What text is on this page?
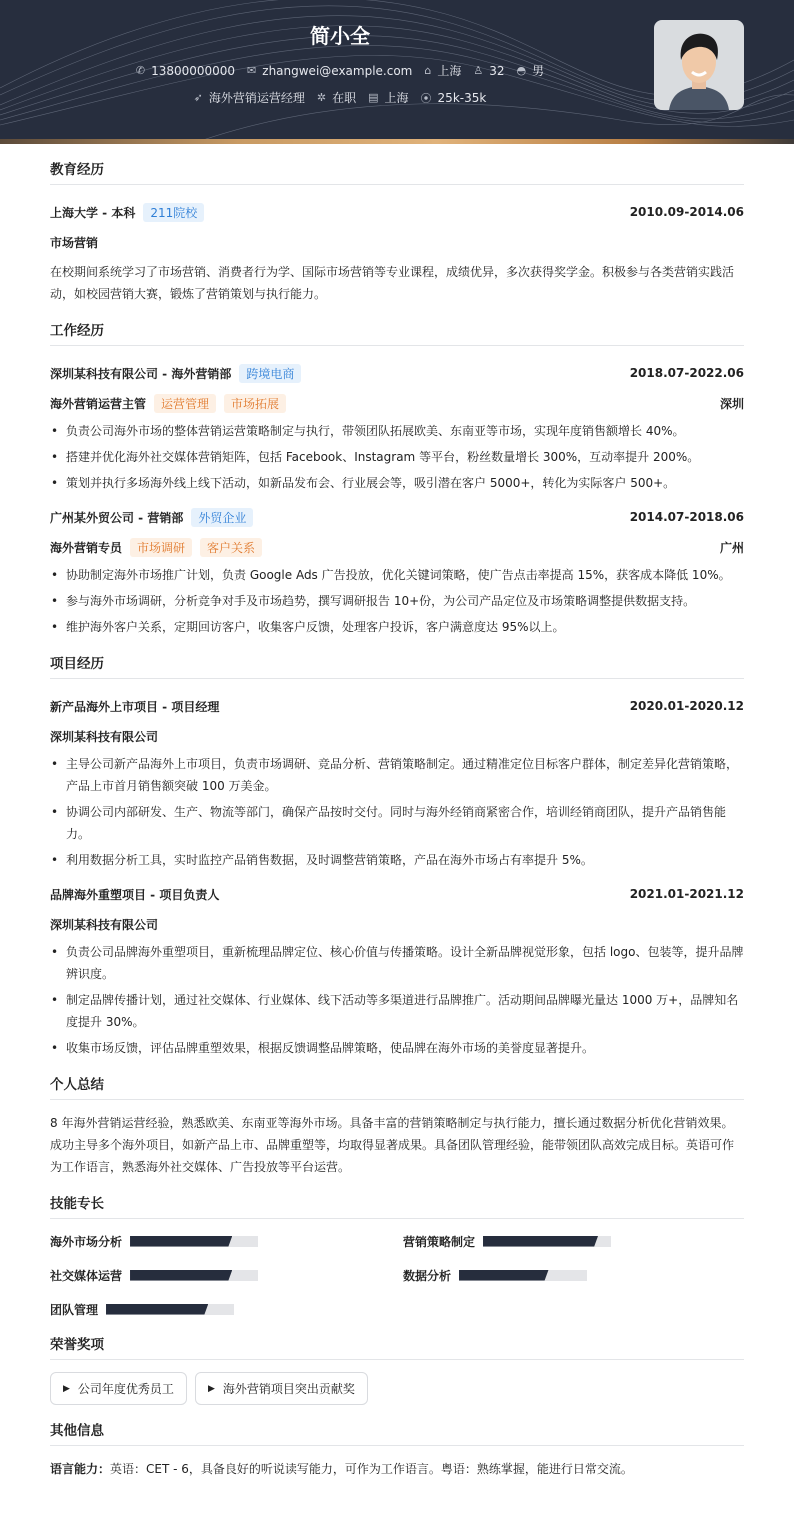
简小全
✆ 13800000000 ✉ zhangwei@example.com ⌂ 上海 ♙ 32 ◓ 男
➶ 海外营销运营经理 ✲ 在职 ▤ 上海 ⦿ 25k-35k
教育经历
上海大学 - 本科	211院校	2010.09-2014.06
市场营销

在校期间系统学习了市场营销、消费者行为学、国际市场营销等专业课程，成绩优异，多次获得奖学金。积极参与各类营销实践活动，如校园营销大赛，锻炼了营销策划与执行能力。

工作经历
深圳某科技有限公司 - 海外营销部	跨境电商	2018.07-2022.06
海外营销运营主管	运营管理	市场拓展	深圳
• 负责公司海外市场的整体营销运营策略制定与执行，带领团队拓展欧美、东南亚等市场，实现年度销售额增长 40%。
• 搭建并优化海外社交媒体营销矩阵，包括 Facebook、Instagram 等平台，粉丝数量增长 300%，互动率提升 200%。
• 策划并执行多场海外线上线下活动，如新品发布会、行业展会等，吸引潜在客户 5000+，转化为实际客户 500+。
广州某外贸公司 - 营销部	外贸企业	2014.07-2018.06
海外营销专员	市场调研	客户关系	广州
• 协助制定海外市场推广计划，负责 Google Ads 广告投放，优化关键词策略，使广告点击率提高 15%，获客成本降低 10%。
• 参与海外市场调研，分析竞争对手及市场趋势，撰写调研报告 10+份，为公司产品定位及市场策略调整提供数据支持。
• 维护海外客户关系，定期回访客户，收集客户反馈，处理客户投诉，客户满意度达 95%以上。
项目经历
新产品海外上市项目 - 项目经理	2020.01-2020.12
深圳某科技有限公司
• 主导公司新产品海外上市项目，负责市场调研、竞品分析、营销策略制定。通过精准定位目标客户群体，制定差异化营销策略，产品上市首月销售额突破 100 万美金。
• 协调公司内部研发、生产、物流等部门，确保产品按时交付。同时与海外经销商紧密合作，培训经销商团队，提升产品销售能力。
• 利用数据分析工具，实时监控产品销售数据，及时调整营销策略，产品在海外市场占有率提升 5%。
品牌海外重塑项目 - 项目负责人	2021.01-2021.12
深圳某科技有限公司
• 负责公司品牌海外重塑项目，重新梳理品牌定位、核心价值与传播策略。设计全新品牌视觉形象，包括 logo、包装等，提升品牌辨识度。
• 制定品牌传播计划，通过社交媒体、行业媒体、线下活动等多渠道进行品牌推广。活动期间品牌曝光量达 1000 万+，品牌知名度提升 30%。
• 收集市场反馈，评估品牌重塑效果，根据反馈调整品牌策略，使品牌在海外市场的美誉度显著提升。
个人总结

8 年海外营销运营经验，熟悉欧美、东南亚等海外市场。具备丰富的营销策略制定与执行能力，擅长通过数据分析优化营销效果。成功主导多个海外项目，如新产品上市、品牌重塑等，均取得显著成果。具备团队管理经验，能带领团队高效完成目标。英语可作为工作语言，熟悉海外社交媒体、广告投放等平台运营。

技能专长
海外市场分析	营销策略制定
社交媒体运营	数据分析
团队管理
荣誉奖项
▶ 公司年度优秀员工	▶ 海外营销项目突出贡献奖
其他信息

语言能力：英语：CET - 6，具备良好的听说读写能力，可作为工作语言。粤语：熟练掌握，能进行日常交流。
